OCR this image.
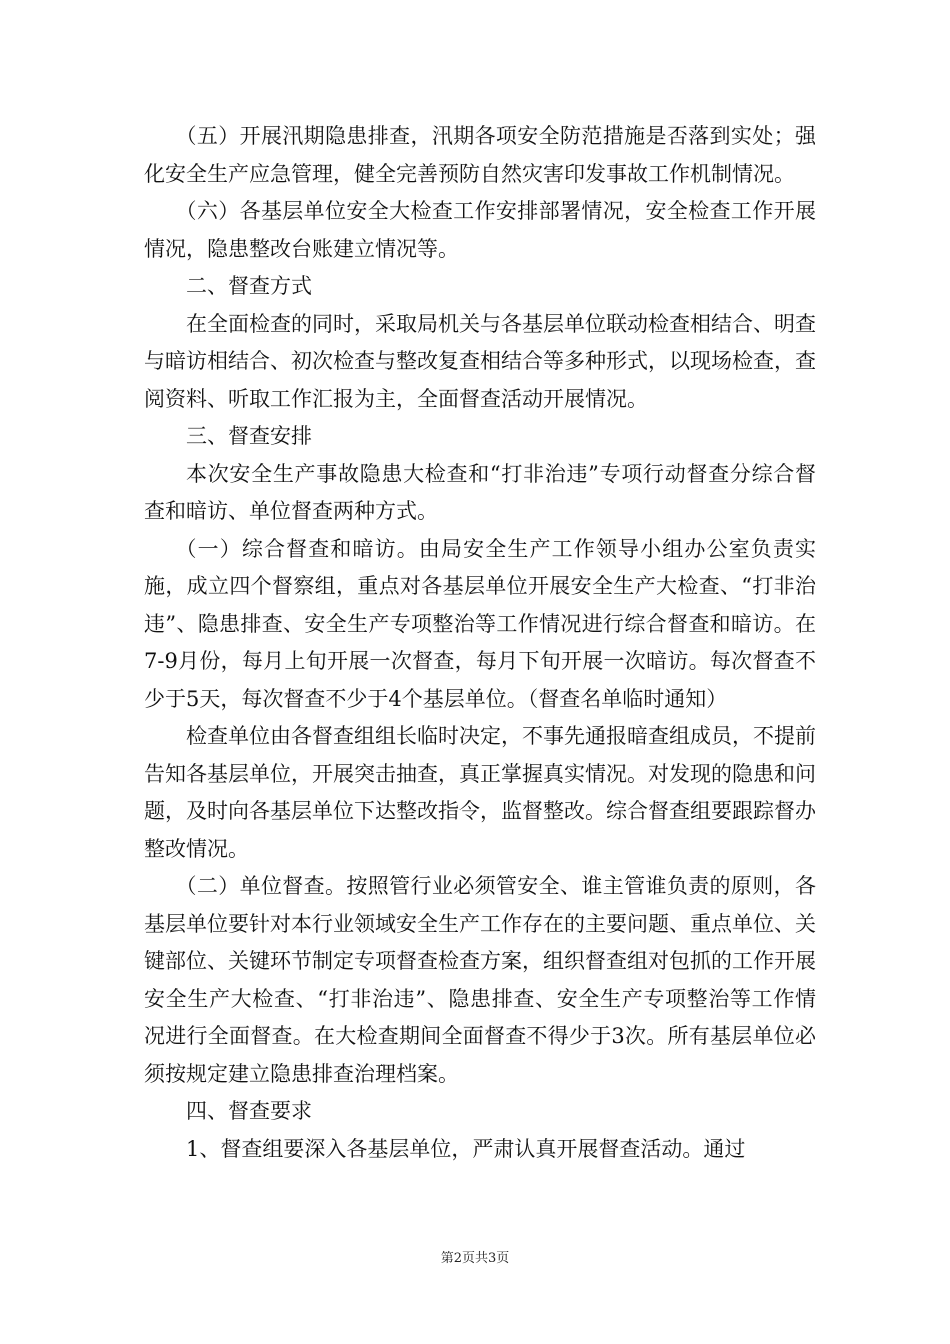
（五）开展汛期隐患排查，汛期各项安全防范措施是否落到实处；强化安全生产应急管理，健全完善预防自然灾害印发事故工作机制情况。

（六）各基层单位安全大检查工作安排部署情况，安全检查工作开展情况，隐患整改台账建立情况等。

二、督查方式

在全面检查的同时，采取局机关与各基层单位联动检查相结合、明查与暗访相结合、初次检查与整改复查相结合等多种形式，以现场检查，查阅资料、听取工作汇报为主，全面督查活动开展情况。

三、督查安排

本次安全生产事故隐患大检查和“打非治违”专项行动督查分综合督查和暗访、单位督查两种方式。

（一）综合督查和暗访。由局安全生产工作领导小组办公室负责实施，成立四个督察组，重点对各基层单位开展安全生产大检查、“打非治违”、隐患排查、安全生产专项整治等工作情况进行综合督查和暗访。在7-9月份，每月上旬开展一次督查，每月下旬开展一次暗访。每次督查不少于5天，每次督查不少于4个基层单位。（督查名单临时通知）

检查单位由各督查组组长临时决定，不事先通报暗查组成员，不提前告知各基层单位，开展突击抽查，真正掌握真实情况。对发现的隐患和问题，及时向各基层单位下达整改指令，监督整改。综合督查组要跟踪督办整改情况。

（二）单位督查。按照管行业必须管安全、谁主管谁负责的原则，各基层单位要针对本行业领域安全生产工作存在的主要问题、重点单位、关键部位、关键环节制定专项督查检查方案，组织督查组对包抓的工作开展安全生产大检查、“打非治违”、隐患排查、安全生产专项整治等工作情况进行全面督查。在大检查期间全面督查不得少于3次。所有基层单位必须按规定建立隐患排查治理档案。

四、督查要求

1、督查组要深入各基层单位，严肃认真开展督查活动。通过

第2页共3页
